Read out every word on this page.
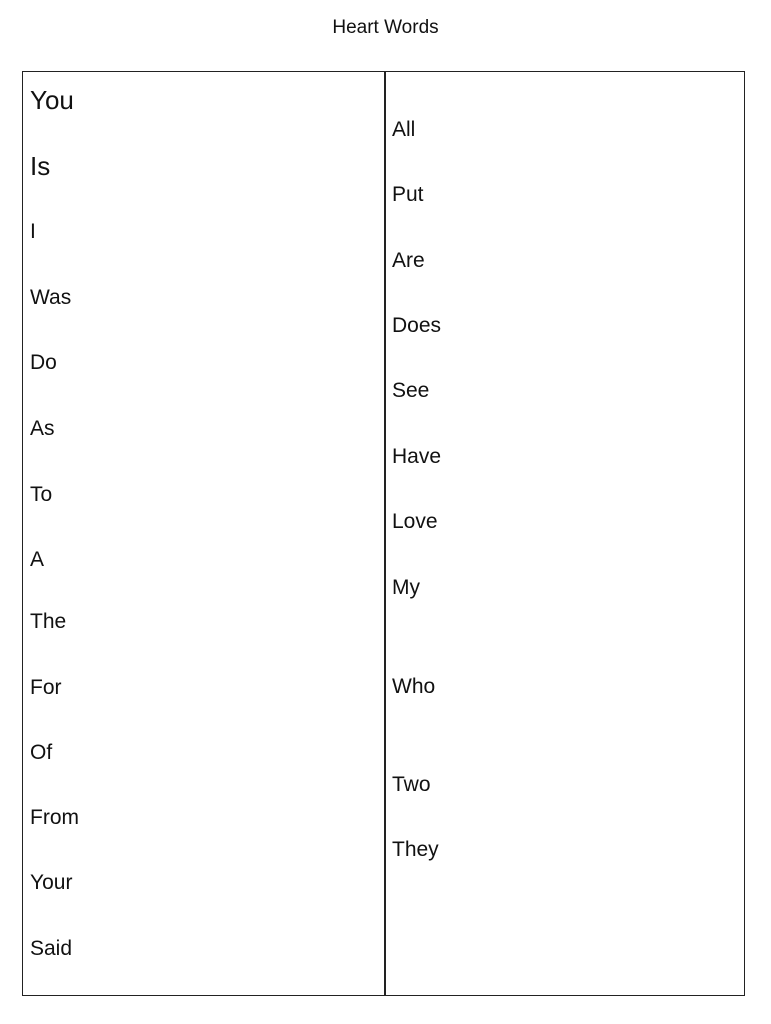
Heart Words
You
Is
I
Was
Do
As
To
A
The
For
Of
From
Your
Said
All
Put
Are
Does
See
Have
Love
My
Who
Two
They
